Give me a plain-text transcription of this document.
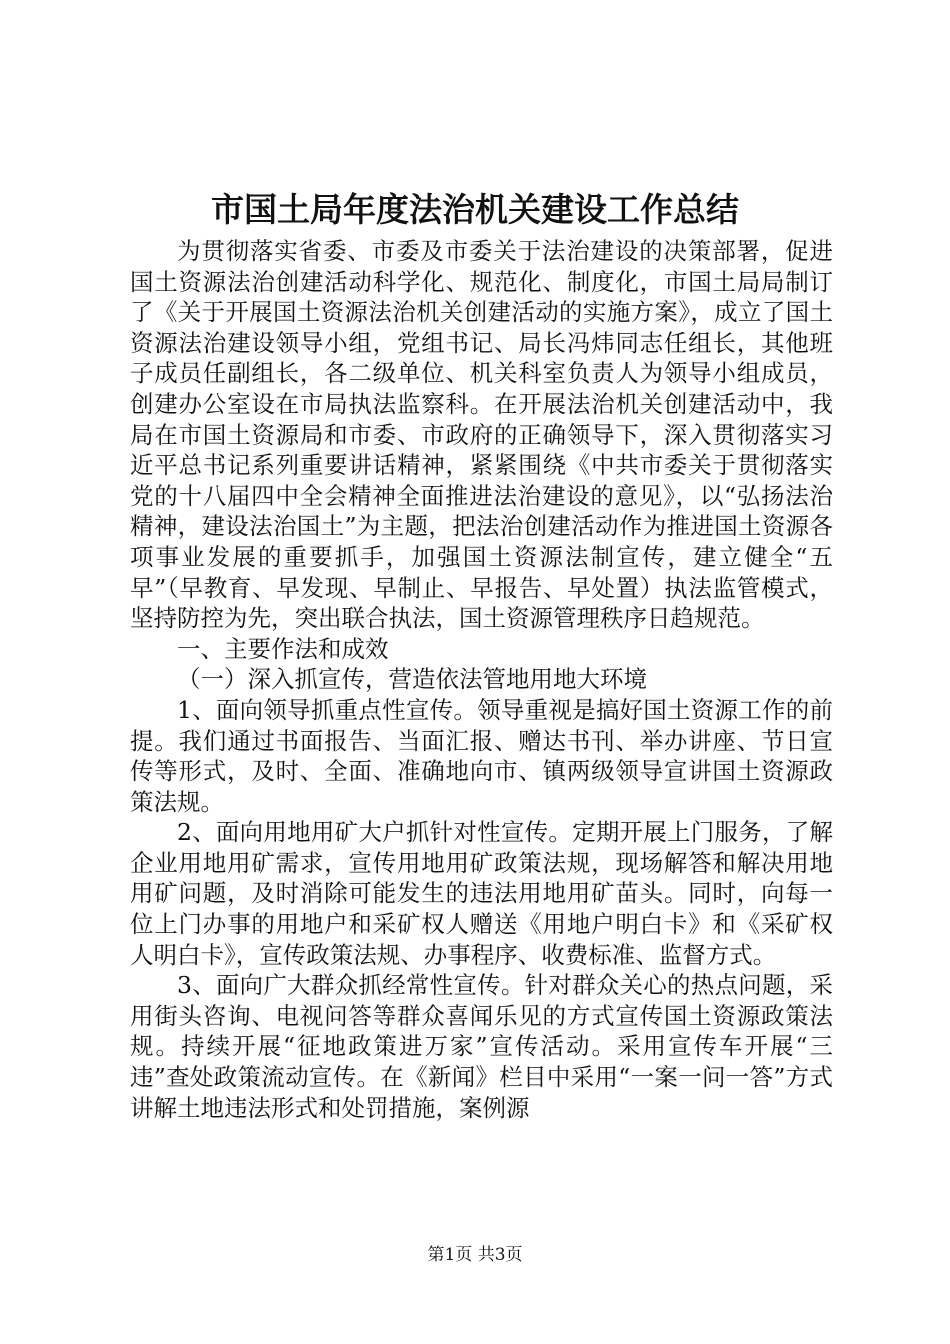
市国土局年度法治机关建设工作总结

为贯彻落实省委、市委及市委关于法治建设的决策部署，促进国土资源法治创建活动科学化、规范化、制度化，市国土局局制订了《关于开展国土资源法治机关创建活动的实施方案》，成立了国土资源法治建设领导小组，党组书记、局长冯炜同志任组长，其他班子成员任副组长，各二级单位、机关科室负责人为领导小组成员，创建办公室设在市局执法监察科。在开展法治机关创建活动中，我局在市国土资源局和市委、市政府的正确领导下，深入贯彻落实习近平总书记系列重要讲话精神，紧紧围绕《中共市委关于贯彻落实党的十八届四中全会精神全面推进法治建设的意见》，以“弘扬法治精神，建设法治国土”为主题，把法治创建活动作为推进国土资源各项事业发展的重要抓手，加强国土资源法制宣传，建立健全“五早”（早教育、早发现、早制止、早报告、早处置）执法监管模式，坚持防控为先，突出联合执法，国土资源管理秩序日趋规范。

一、主要作法和成效

（一）深入抓宣传，营造依法管地用地大环境

1、面向领导抓重点性宣传。领导重视是搞好国土资源工作的前提。我们通过书面报告、当面汇报、赠达书刊、举办讲座、节日宣传等形式，及时、全面、准确地向市、镇两级领导宣讲国土资源政策法规。

2、面向用地用矿大户抓针对性宣传。定期开展上门服务，了解企业用地用矿需求，宣传用地用矿政策法规，现场解答和解决用地用矿问题，及时消除可能发生的违法用地用矿苗头。同时，向每一位上门办事的用地户和采矿权人赠送《用地户明白卡》和《采矿权人明白卡》，宣传政策法规、办事程序、收费标准、监督方式。

3、面向广大群众抓经常性宣传。针对群众关心的热点问题，采用街头咨询、电视问答等群众喜闻乐见的方式宣传国土资源政策法规。持续开展“征地政策进万家”宣传活动。采用宣传车开展“三违”查处政策流动宣传。在《新闻》栏目中采用“一案一问一答”方式讲解土地违法形式和处罚措施，案例源

第1页 共3页
